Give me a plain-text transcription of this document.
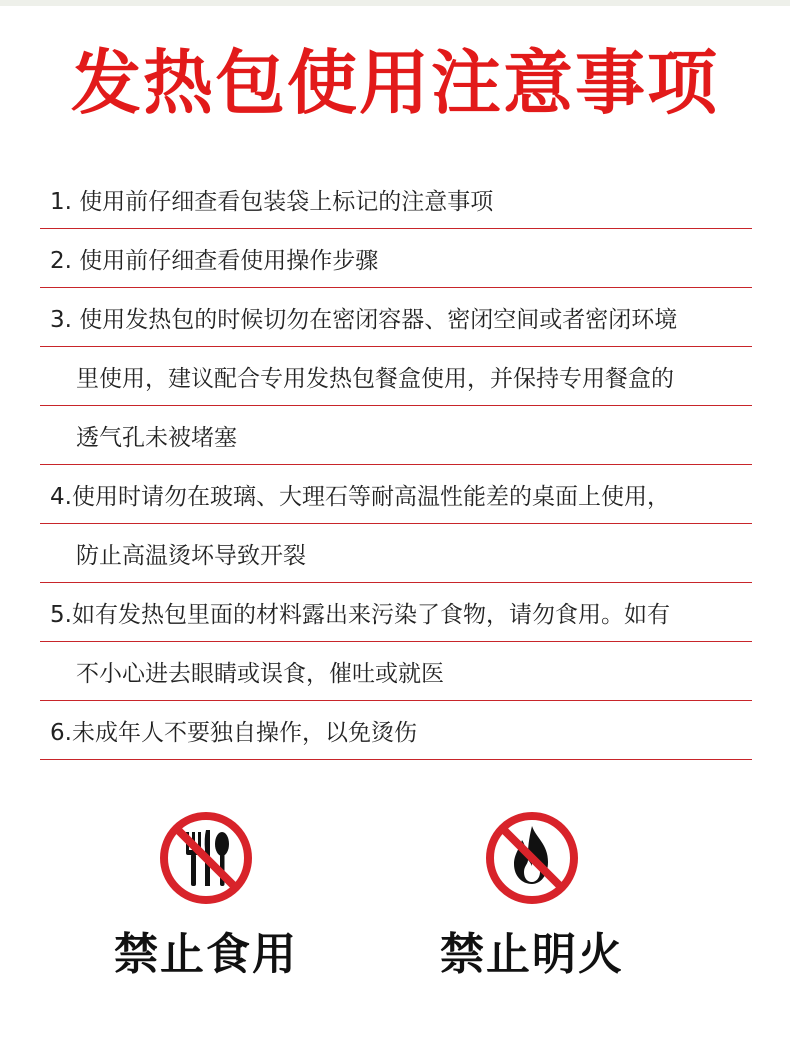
发热包使用注意事项
1. 使用前仔细查看包装袋上标记的注意事项
2. 使用前仔细查看使用操作步骤
3. 使用发热包的时候切勿在密闭容器、密闭空间或者密闭环境
里使用，建议配合专用发热包餐盒使用，并保持专用餐盒的
透气孔未被堵塞
4.使用时请勿在玻璃、大理石等耐高温性能差的桌面上使用，
防止高温烫坏导致开裂
5.如有发热包里面的材料露出来污染了食物，请勿食用。如有
不小心进去眼睛或误食，催吐或就医
6.未成年人不要独自操作，以免烫伤
禁止食用	禁止明火
